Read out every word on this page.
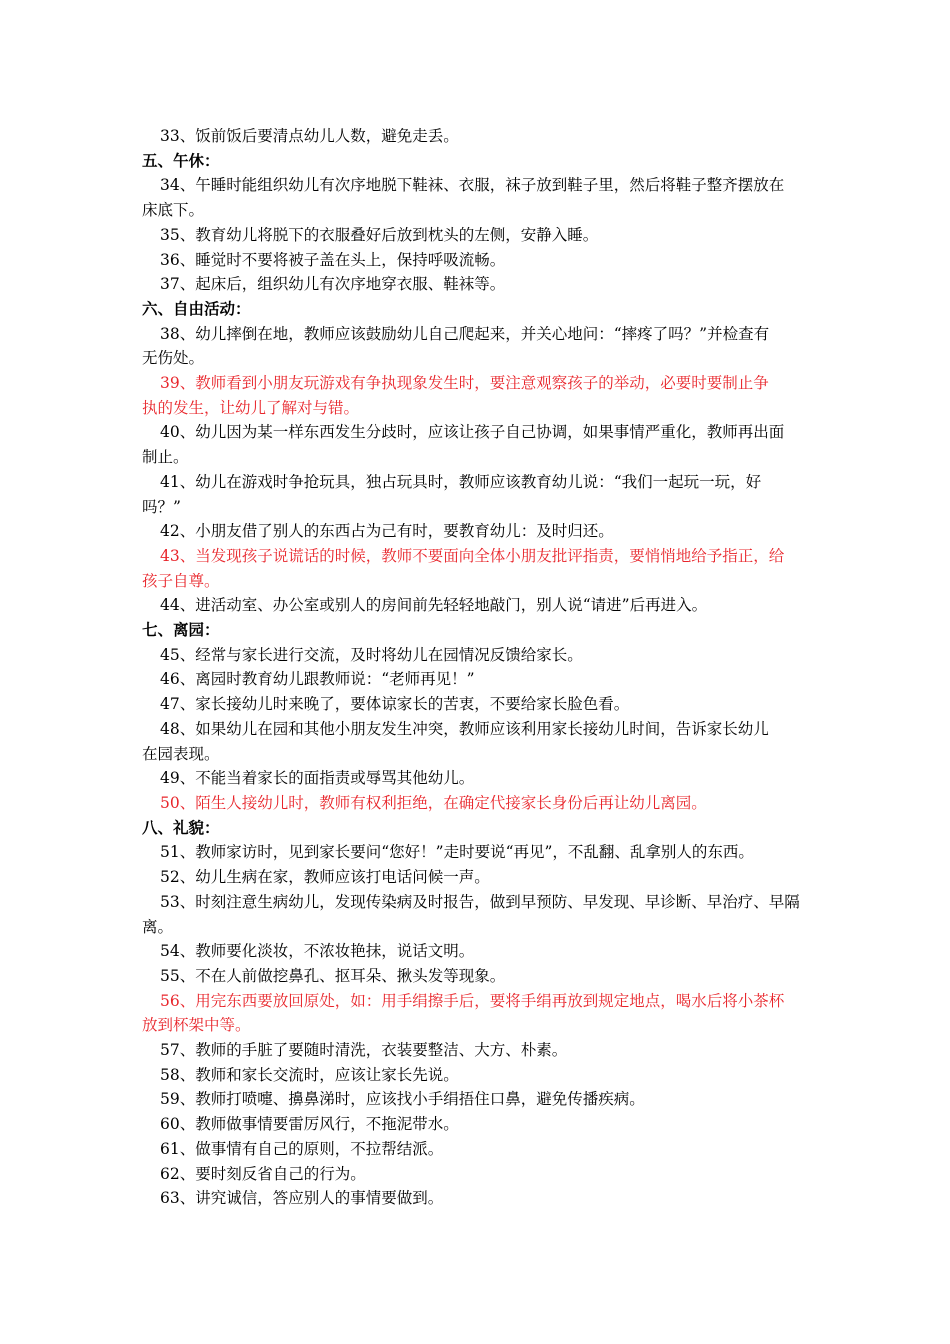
33、饭前饭后要清点幼儿人数，避免走丢。
五、午休：
34、午睡时能组织幼儿有次序地脱下鞋袜、衣服，袜子放到鞋子里，然后将鞋子整齐摆放在
床底下。
35、教育幼儿将脱下的衣服叠好后放到枕头的左侧，安静入睡。
36、睡觉时不要将被子盖在头上，保持呼吸流畅。
37、起床后，组织幼儿有次序地穿衣服、鞋袜等。
六、自由活动：
38、幼儿摔倒在地，教师应该鼓励幼儿自己爬起来，并关心地问：“摔疼了吗？”并检查有
无伤处。
39、教师看到小朋友玩游戏有争执现象发生时，要注意观察孩子的举动，必要时要制止争
执的发生，让幼儿了解对与错。
40、幼儿因为某一样东西发生分歧时，应该让孩子自己协调，如果事情严重化，教师再出面
制止。
41、幼儿在游戏时争抢玩具，独占玩具时，教师应该教育幼儿说：“我们一起玩一玩，好
吗？”
42、小朋友借了别人的东西占为己有时，要教育幼儿：及时归还。
43、当发现孩子说谎话的时候，教师不要面向全体小朋友批评指责，要悄悄地给予指正，给
孩子自尊。
44、进活动室、办公室或别人的房间前先轻轻地敲门，别人说“请进”后再进入。
七、离园：
45、经常与家长进行交流，及时将幼儿在园情况反馈给家长。
46、离园时教育幼儿跟教师说：“老师再见！”
47、家长接幼儿时来晚了，要体谅家长的苦衷，不要给家长脸色看。
48、如果幼儿在园和其他小朋友发生冲突，教师应该利用家长接幼儿时间，告诉家长幼儿
在园表现。
49、不能当着家长的面指责或辱骂其他幼儿。
50、陌生人接幼儿时，教师有权利拒绝，在确定代接家长身份后再让幼儿离园。
八、礼貌：
51、教师家访时，见到家长要问“您好！”走时要说“再见”，不乱翻、乱拿别人的东西。
52、幼儿生病在家，教师应该打电话问候一声。
53、时刻注意生病幼儿，发现传染病及时报告，做到早预防、早发现、早诊断、早治疗、早隔
离。
54、教师要化淡妆，不浓妆艳抹，说话文明。
55、不在人前做挖鼻孔、抠耳朵、揪头发等现象。
56、用完东西要放回原处，如：用手绢擦手后，要将手绢再放到规定地点，喝水后将小茶杯
放到杯架中等。
57、教师的手脏了要随时清洗，衣装要整洁、大方、朴素。
58、教师和家长交流时，应该让家长先说。
59、教师打喷嚏、擤鼻涕时，应该找小手绢捂住口鼻，避免传播疾病。
60、教师做事情要雷厉风行，不拖泥带水。
61、做事情有自己的原则，不拉帮结派。
62、要时刻反省自己的行为。
63、讲究诚信，答应别人的事情要做到。
